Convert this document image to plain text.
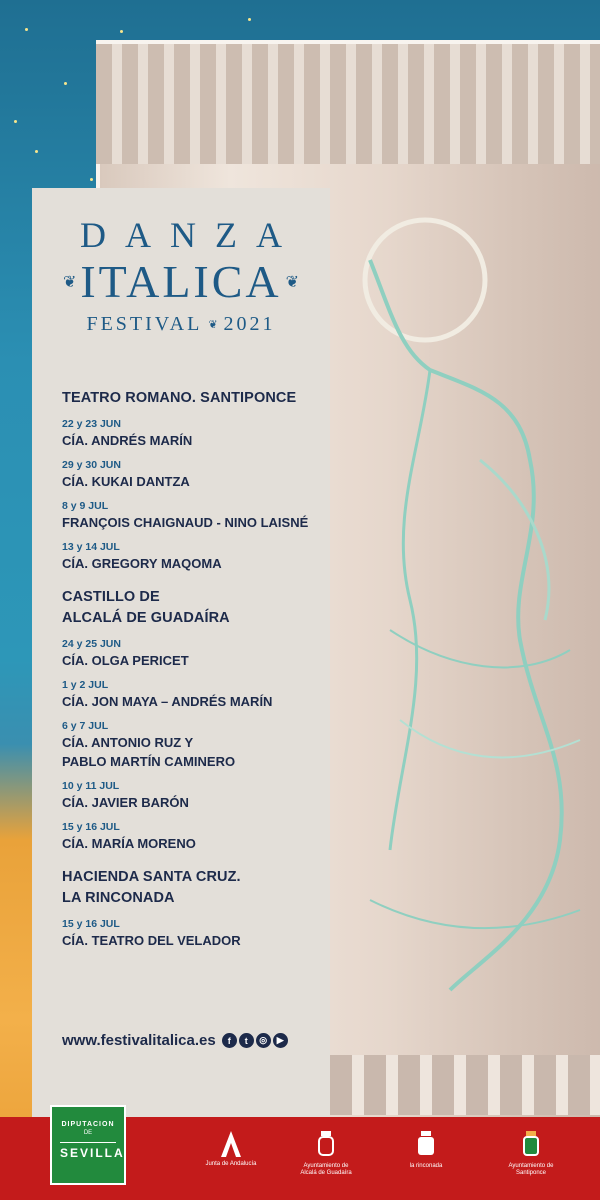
DANZA
❦ ITALICA ❦
FESTIVAL ❦ 2021
TEATRO ROMANO. SANTIPONCE
22 y 23 JUN
CÍA. ANDRÉS MARÍN
29 y 30 JUN
CÍA. KUKAI DANTZA
8 y 9 JUL
FRANÇOIS CHAIGNAUD - NINO LAISNÉ
13 y 14 JUL
CÍA. GREGORY MAQOMA
CASTILLO DE
ALCALÁ DE GUADAÍRA
24 y 25 JUN
CÍA. OLGA PERICET
1 y 2 JUL
CÍA. JON MAYA – ANDRÉS MARÍN
6 y 7 JUL
CÍA. ANTONIO RUZ Y
PABLO MARTÍN CAMINERO
10 y 11 JUL
CÍA. JAVIER BARÓN
15 y 16 JUL
CÍA. MARÍA MORENO
HACIENDA SANTA CRUZ.
LA RINCONADA
15 y 16 JUL
CÍA. TEATRO DEL VELADOR
www.festivalitalica.es	f	t	◎	▶
DIPUTACION
DE
SEVILLA
Junta de Andalucía	Ayuntamiento de
Alcalá de Guadaíra
la rinconada	Ayuntamiento de
Santiponce
